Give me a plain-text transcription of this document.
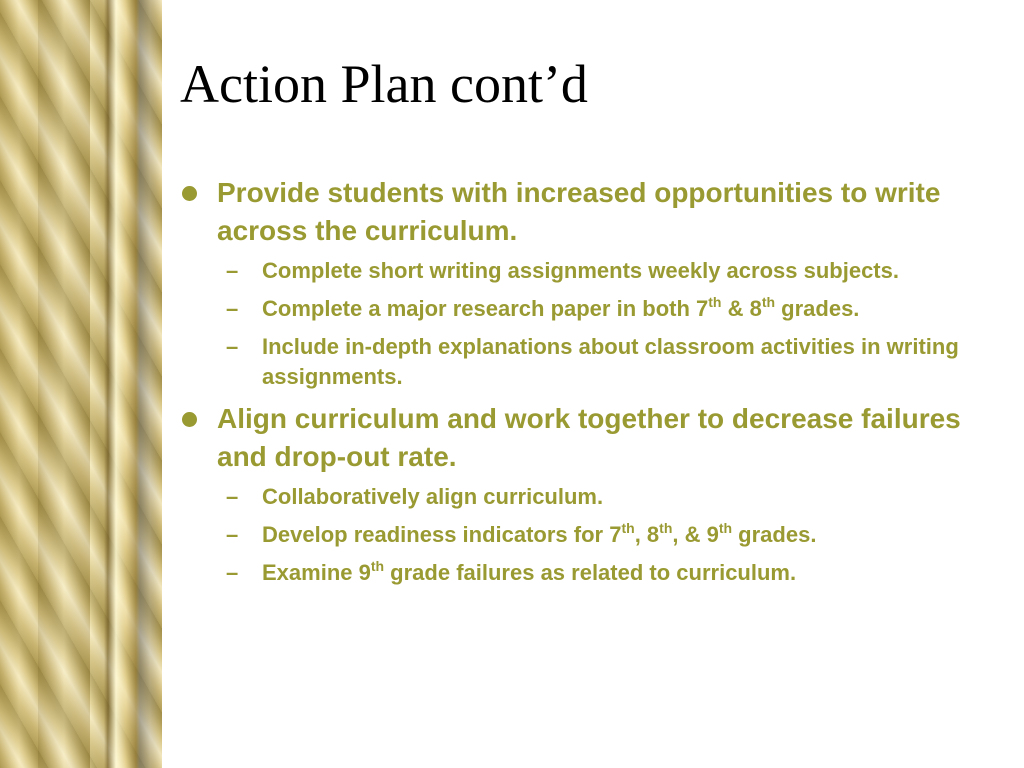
Action Plan cont’d
Provide students with increased opportunities to write across the curriculum.
– Complete short writing assignments weekly across subjects.
– Complete a major research paper in both 7th & 8th grades.
– Include in-depth explanations about classroom activities in writing assignments.
Align curriculum and work together to decrease failures and drop-out rate.
– Collaboratively align curriculum.
– Develop readiness indicators for 7th, 8th, & 9th grades.
– Examine 9th grade failures as related to curriculum.
